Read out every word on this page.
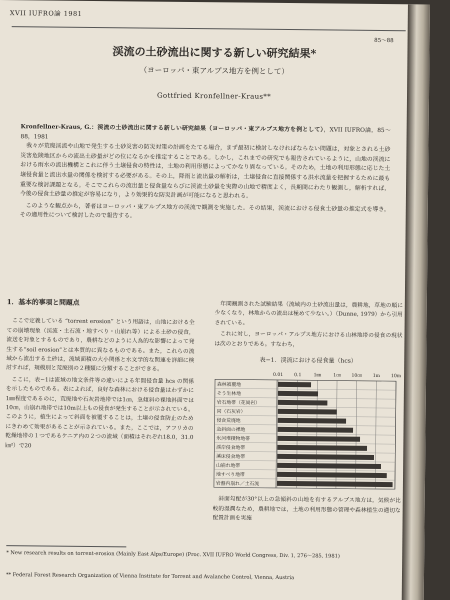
XVII IUFRO論 1981
85〜88
渓流の土砂流出に関する新しい研究結果*
（ヨーロッパ・東アルプス地方を例として）
Gottfried Kronfellner-Kraus**
Kronfellner-Kraus, G.：渓流の土砂流出に関する新しい研究結果（ヨーロッパ・東アルプス地方を例として），XVII IUFRO論，85〜88，1981
我々が荒廃渓流や山地で発生する土砂災害の防災対策の計画をたてる場合，まず最初に検討しなければならない問題は，対象とされる土砂災害危険地区からの流出土砂量がどの位になるかを推定することである。しかし，これまでの研究でも報告されているように，山地の渓流における雨水の流出機構とこれに伴う土壌侵食の特性は，土地の利用形態によってかなり異なっている。そのため，土地の利用形態に応じた土壌侵食量と流出水量の関係を検討する必要がある。その上，降雨と流出量の解析は，土壌侵食に直接関係する洪水流量を把握するために最も重要な検討課題となる。そこでこれらの流出量と侵食量ならびに渓流土砂量を実際の山地で精度よく，長期間にわたり観測し，解析すれば，今後の侵食土砂量の推定が容易になり，より効果的な防災計画が可能になると思われる。
このような観点から，著者はヨーロッパ・東アルプス地方の渓流で観測を実施した。その結果，渓流における侵食土砂量の推定式を導き，その適用性について検討したので報告する。
1．基本的事項と問題点
ここで定義している “torrent erosion” という用語は，山地における全ての崩壊現象（渓流・土石流・地すべり・山崩れ等）による土砂の侵食，流送を対象とするものであり，農耕などのように人為的な影響によって発生する“soil erosion”とは本質的に異なるものである。また，これらの流域から流出する土砂は，流域面積の大小関係と水文学的な関連を詳細に検討すれば，規模別と荒廃別の２種類に分類することができる。
ここに，表−1は流域の地文条件等の違いによる年間侵食量 hcs の関係を示したものである。表によれば，良好な森林における侵食量はわずかに1㎜程度であるのに，荒廃地や石灰岩地帯では1㎝，急傾斜の裸地斜面では10㎝，山崩れ地帯では10m以上もの侵食が発生することが示されている。このように，植生によって斜面を被覆することは，土壌の侵食防止のためにきわめて効果があることが示されている。また，ここでは，アフリカの乾燥地帯の１つであるケニア内の２つの流域（面積はそれぞれ18.0，31.0㎞²）で20
年間観測された試験結果（流域内の土砂流出量は，農耕地，草地の順に少なくなり，林地からの流出は極めて少ない。）（Dunne, 1979）から引用されている。
これに対し，ヨーロッパ・アルプス地方における山林地帯の侵食の現状は次のとおりである。すなわち，
表−1．渓流における侵食量（hcs）
0.01 0.1	1㎜	1㎝ 10㎝ 1m 10m
森林被覆地
そう生林地
岩石地帯（花崗岩）
同（石灰岩）
侵食荒廃地
急斜面の裸地
氷河堆積物地帯
渓岸侵食地帯
溪床侵食地帯
山崩れ地帯
地すべり地帯
岩盤内崩れ／土石流
斜面勾配が30°以上の急傾斜の山地を有するアルプス地方は，気候が比較的湿潤なため，農耕地では，土地の利用形態の管理や森林植生の適切な配置計画を実施
* New research results on torrent-erosion (Mainly East Alps/Europe) (Proc. XVII IUFRO World Congress, Div. 1, 276〜285, 1981)
** Federal Forest Research Organization of Vienna Institute for Torrent and Avalanche Control, Vienna, Austria
